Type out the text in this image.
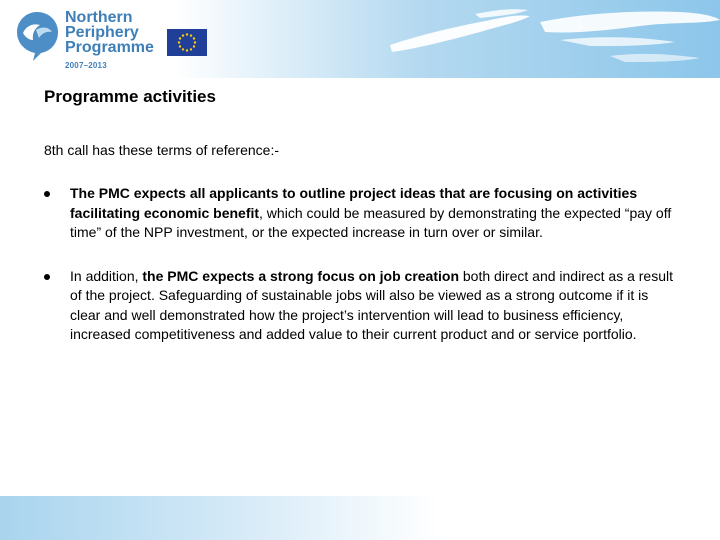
Northern
Periphery
Programme
2007–2013
Programme activities

8th call has these terms of reference:-

The PMC expects all applicants to outline project ideas that are focusing on activities facilitating economic benefit, which could be measured by demonstrating the expected “pay off time” of the NPP investment, or the expected increase in turn over or similar.
In addition, the PMC expects a strong focus on job creation both direct and indirect as a result of the project. Safeguarding of sustainable jobs will also be viewed as a strong outcome if it is clear and well demonstrated how the project’s intervention will lead to business efficiency, increased competitiveness and added value to their current product and or service portfolio.
